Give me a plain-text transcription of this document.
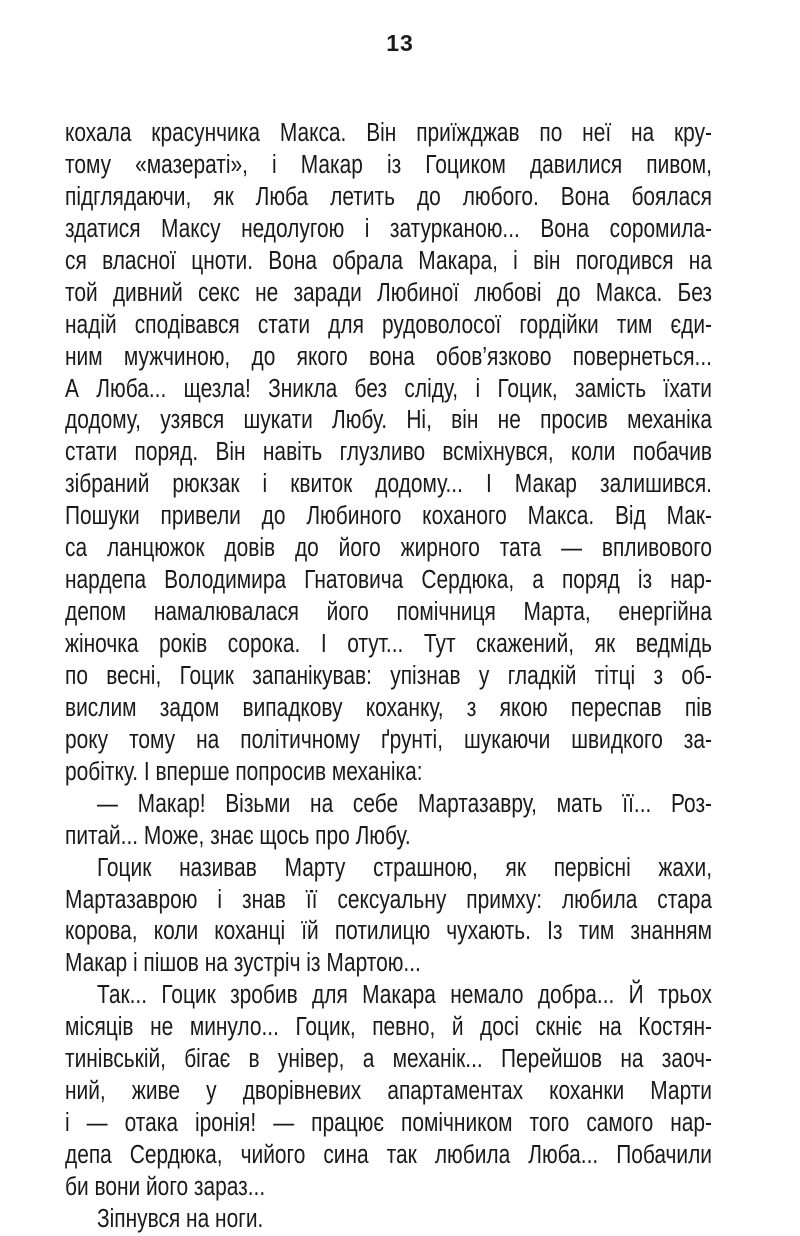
13
кохала красунчика Макса. Він приїжджав по неї на кру-
тому «мазераті», і Макар із Гоциком давилися пивом,
підглядаючи, як Люба летить до любого. Вона боялася
здатися Максу недолугою і затурканою... Вона соромила-
ся власної цноти. Вона обрала Макара, і він погодився на
той дивний секс не заради Любиної любові до Макса. Без
надій сподівався стати для рудоволосої гордійки тим єди-
ним мужчиною, до якого вона обов’язково повернеться...
А Люба... щезла! Зникла без сліду, і Гоцик, замість їхати
додому, узявся шукати Любу. Ні, він не просив механіка
стати поряд. Він навіть глузливо всміхнувся, коли побачив
зібраний рюкзак і квиток додому... І Макар залишився.
Пошуки привели до Любиного коханого Макса. Від Мак-
са ланцюжок довів до його жирного тата — впливового
нардепа Володимира Гнатовича Сердюка, а поряд із нар-
депом намалювалася його помічниця Марта, енергійна
жіночка років сорока. І отут... Тут скажений, як ведмідь
по весні, Гоцик запанікував: упізнав у гладкій тітці з об-
вислим задом випадкову коханку, з якою переспав пів
року тому на політичному ґрунті, шукаючи швидкого за-
робітку. І вперше попросив механіка:
— Макар! Візьми на себе Мартазавру, мать її... Роз-
питай... Може, знає щось про Любу.
Гоцик називав Марту страшною, як первісні жахи,
Мартазаврою і знав її сексуальну примху: любила стара
корова, коли коханці їй потилицю чухають. Із тим знанням
Макар і пішов на зустріч із Мартою...
Так... Гоцик зробив для Макара немало добра... Й трьох
місяців не минуло... Гоцик, певно, й досі скніє на Костян-
тинівській, бігає в універ, а механік... Перейшов на заоч-
ний, живе у дворівневих апартаментах коханки Марти
і — отака іронія! — працює помічником того самого нар-
депа Сердюка, чийого сина так любила Люба... Побачили
би вони його зараз...
Зіпнувся на ноги.
